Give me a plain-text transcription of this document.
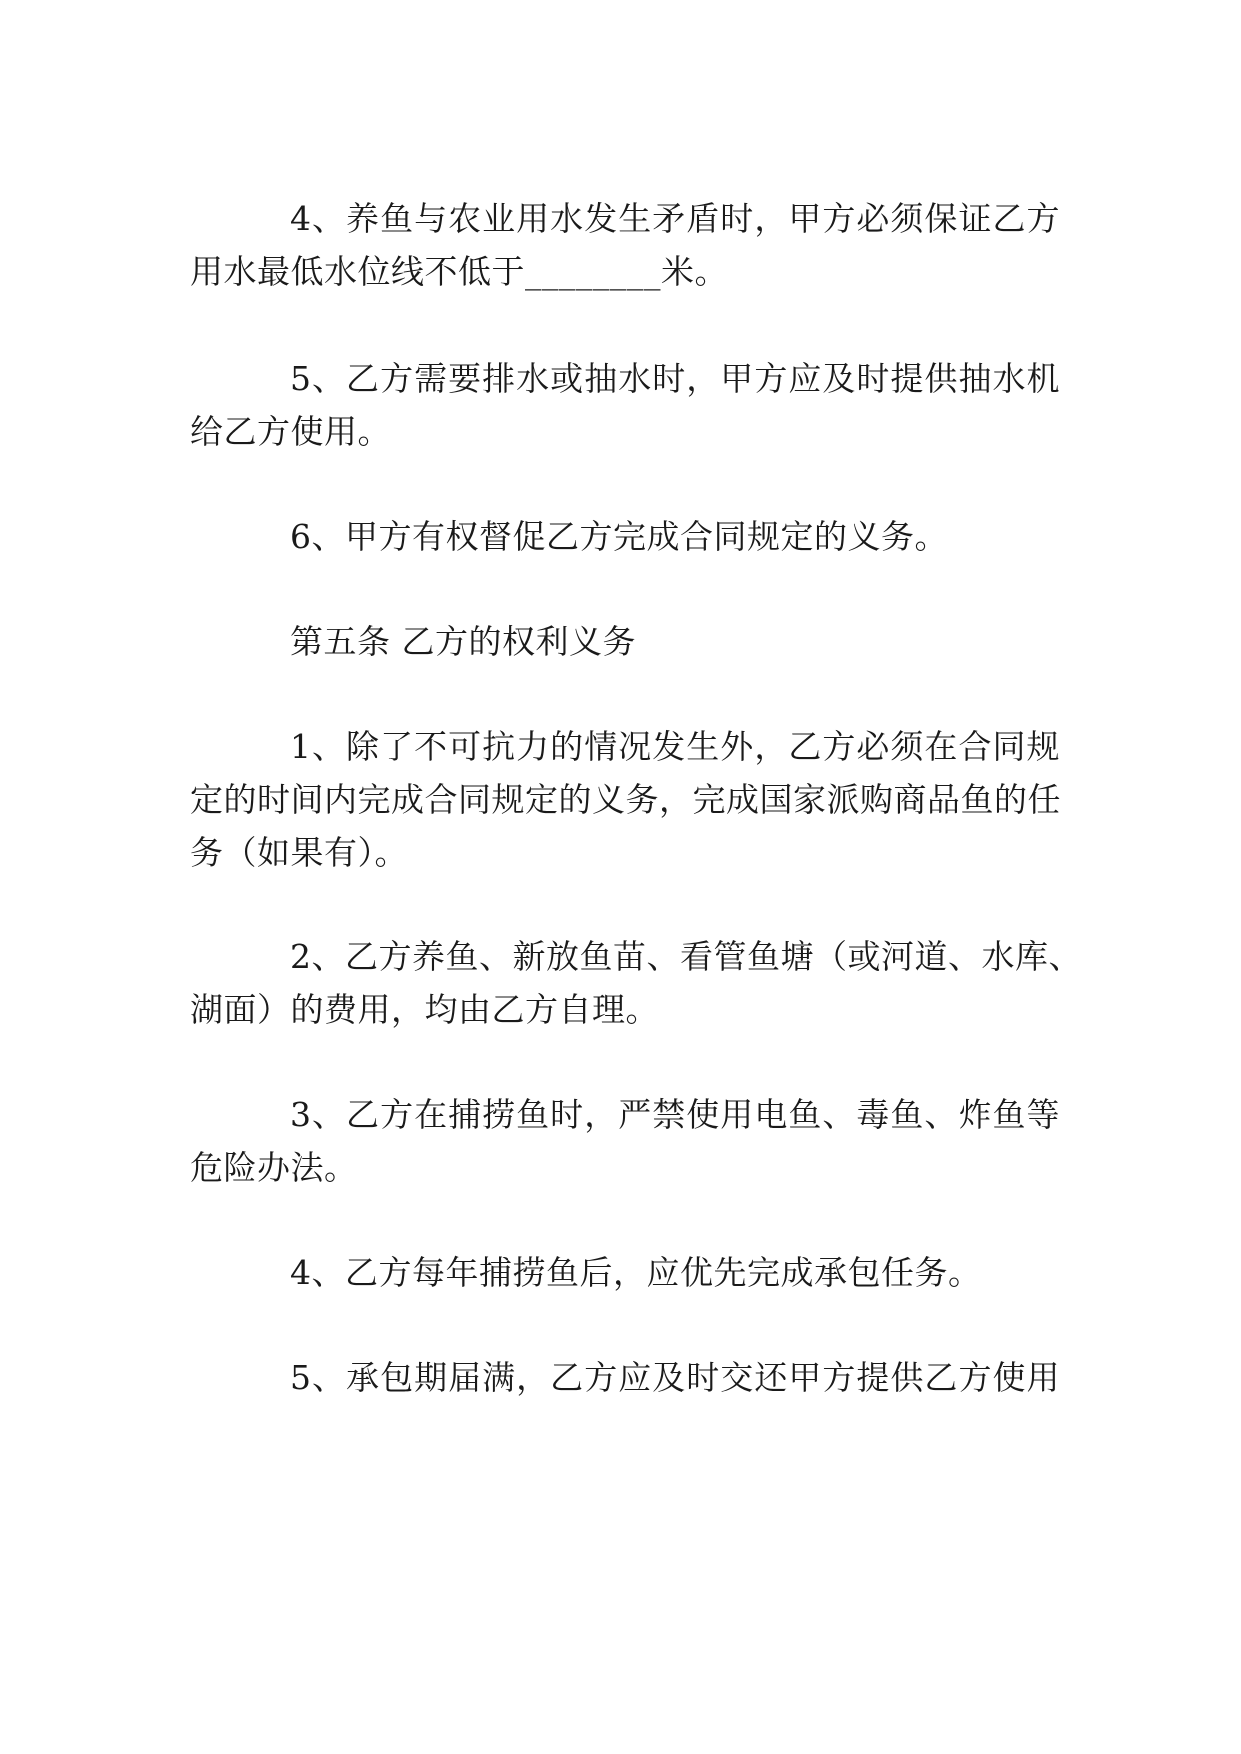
4、养鱼与农业用水发生矛盾时，甲方必须保证乙方
用水最低水位线不低于________米。
5、乙方需要排水或抽水时，甲方应及时提供抽水机
给乙方使用。
6、甲方有权督促乙方完成合同规定的义务。
第五条 乙方的权利义务
1、除了不可抗力的情况发生外，乙方必须在合同规
定的时间内完成合同规定的义务，完成国家派购商品鱼的任
务（如果有）。
2、乙方养鱼、新放鱼苗、看管鱼塘（或河道、水库、
湖面）的费用，均由乙方自理。
3、乙方在捕捞鱼时，严禁使用电鱼、毒鱼、炸鱼等
危险办法。
4、乙方每年捕捞鱼后，应优先完成承包任务。
5、承包期届满，乙方应及时交还甲方提供乙方使用
